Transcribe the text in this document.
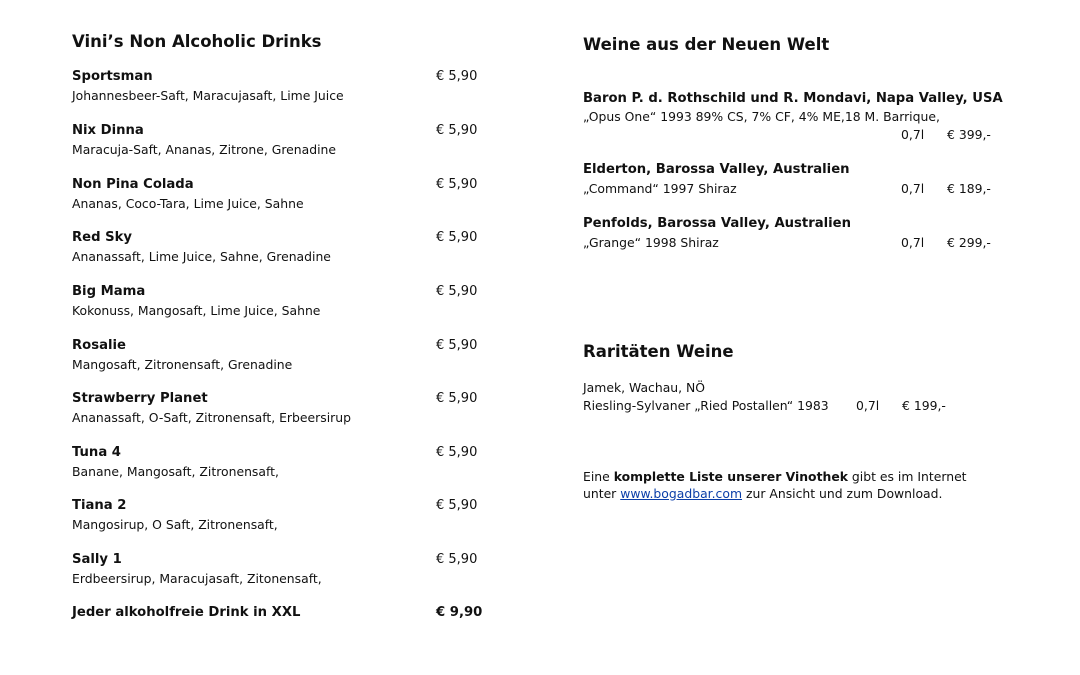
Vini’s Non Alcoholic Drinks
Sportsman
Johannesbeer-Saft, Maracujasaft, Lime Juice
€ 5,90
Nix Dinna
Maracuja-Saft, Ananas, Zitrone, Grenadine
€ 5,90
Non Pina Colada
Ananas, Coco-Tara, Lime Juice, Sahne
€ 5,90
Red Sky
Ananassaft, Lime Juice, Sahne, Grenadine
€ 5,90
Big Mama
Kokonuss, Mangosaft, Lime Juice, Sahne
€ 5,90
Rosalie
Mangosaft, Zitronensaft, Grenadine
€ 5,90
Strawberry Planet
Ananassaft, O-Saft, Zitronensaft, Erbeersirup
€ 5,90
Tuna 4
Banane, Mangosaft, Zitronensaft,
€ 5,90
Tiana 2
Mangosirup, O Saft, Zitronensaft,
€ 5,90
Sally 1
Erdbeersirup, Maracujasaft, Zitonensaft,
€ 5,90
Jeder alkoholfreie Drink in XXL	€ 9,90
Weine aus der Neuen Welt
Baron P. d. Rothschild und R. Mondavi, Napa Valley, USA
„Opus One“ 1993 89% CS, 7% CF, 4% ME,18 M. Barrique,
0,7l € 399,-
Elderton, Barossa Valley, Australien
„Command“ 1997 Shiraz	0,7l € 189,-
Penfolds, Barossa Valley, Australien
„Grange“ 1998 Shiraz	0,7l € 299,-
Raritäten Weine
Jamek, Wachau, NÖ
Riesling-Sylvaner „Ried Postallen“ 1983 0,7l € 199,-
Eine komplette Liste unserer Vinothek gibt es im Internet
unter www.bogadbar.com zur Ansicht und zum Download.
